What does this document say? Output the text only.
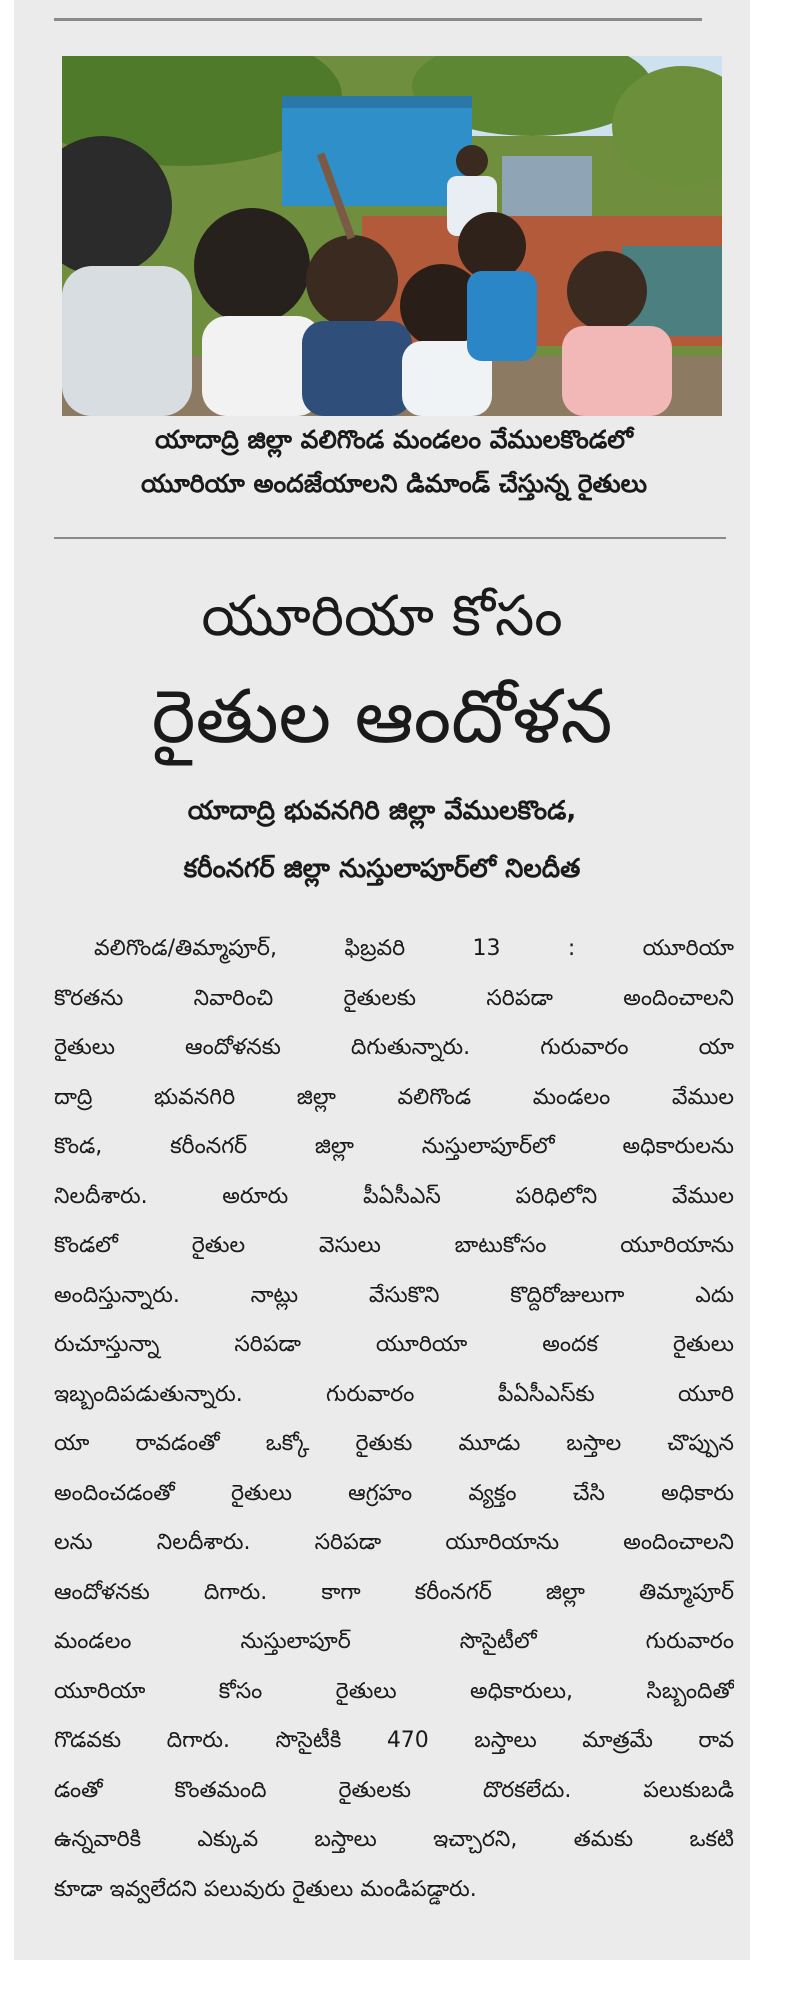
యాదాద్రి జిల్లా వలిగొండ మండలం వేములకొండలో
యూరియా అందజేయాలని డిమాండ్ చేస్తున్న రైతులు
యూరియా కోసం
రైతుల ఆందోళన
యాదాద్రి భువనగిరి జిల్లా వేములకొండ,
కరీంనగర్ జిల్లా నుస్తులాపూర్‌లో నిలదీత
వలిగొండ/తిమ్మాపూర్, ఫిబ్రవరి 13 : యూరియా
కొరతను నివారించి రైతులకు సరిపడా అందించాలని
రైతులు ఆందోళనకు దిగుతున్నారు. గురువారం యా
దాద్రి భువనగిరి జిల్లా వలిగొండ మండలం వేముల
కొండ, కరీంనగర్ జిల్లా నుస్తులాపూర్‌లో అధికారులను
నిలదీశారు. అరూరు పీఏసీఎస్ పరిధిలోని వేముల
కొండలో రైతుల వెసులు బాటుకోసం యూరియాను
అందిస్తున్నారు. నాట్లు వేసుకొని కొద్దిరోజులుగా ఎదు
రుచూస్తున్నా సరిపడా యూరియా అందక రైతులు
ఇబ్బందిపడుతున్నారు. గురువారం పీఏసీఎస్‌కు యూరి
యా రావడంతో ఒక్కో రైతుకు మూడు బస్తాల చొప్పున
అందించడంతో రైతులు ఆగ్రహం వ్యక్తం చేసి అధికారు
లను నిలదీశారు. సరిపడా యూరియాను అందించాలని
ఆందోళనకు దిగారు. కాగా కరీంనగర్ జిల్లా తిమ్మాపూర్
మండలం నుస్తులాపూర్ సొసైటీలో గురువారం
యూరియా కోసం రైతులు అధికారులు, సిబ్బందితో
గొడవకు దిగారు. సొసైటీకి 470 బస్తాలు మాత్రమే రావ
డంతో కొంతమంది రైతులకు దొరకలేదు. పలుకుబడి
ఉన్నవారికి ఎక్కువ బస్తాలు ఇచ్చారని, తమకు ఒకటి
కూడా ఇవ్వలేదని పలువురు రైతులు మండిపడ్డారు.
